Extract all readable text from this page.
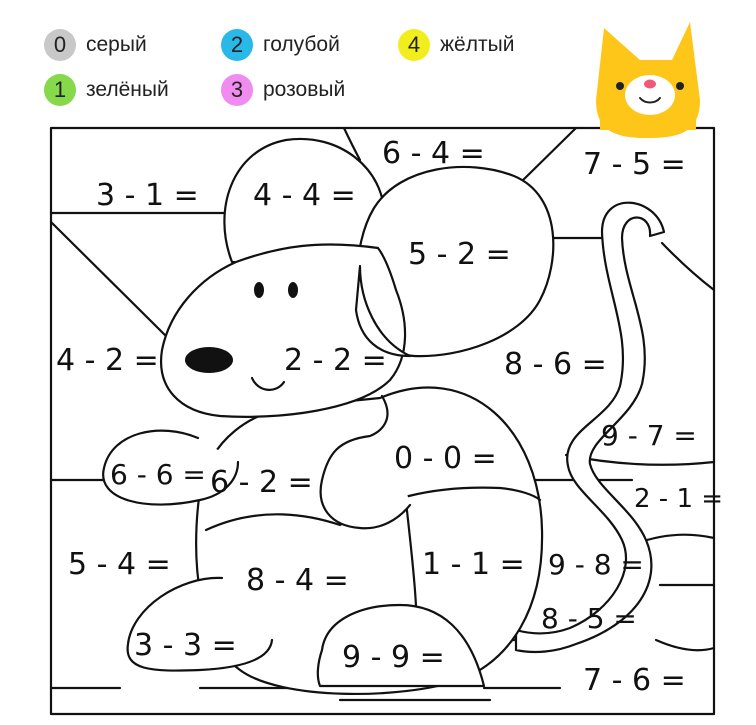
0 серый
1 зелёный
2 голубой
3 розовый
4 жёлтый
3 - 1 = 4 - 4 =
6 - 4 =	7 - 5 =
5 - 2 =
4 - 2 =	2 - 2 =	8 - 6 =
9 - 7 =
0 - 0 =
6 - 6 = 6 - 2 =	2 - 1 =
5 - 4 =	8 - 4 = 1 - 1 = 9 - 8 =
8 - 5 =
3 - 3 =	9 - 9 =
7 - 6 =
